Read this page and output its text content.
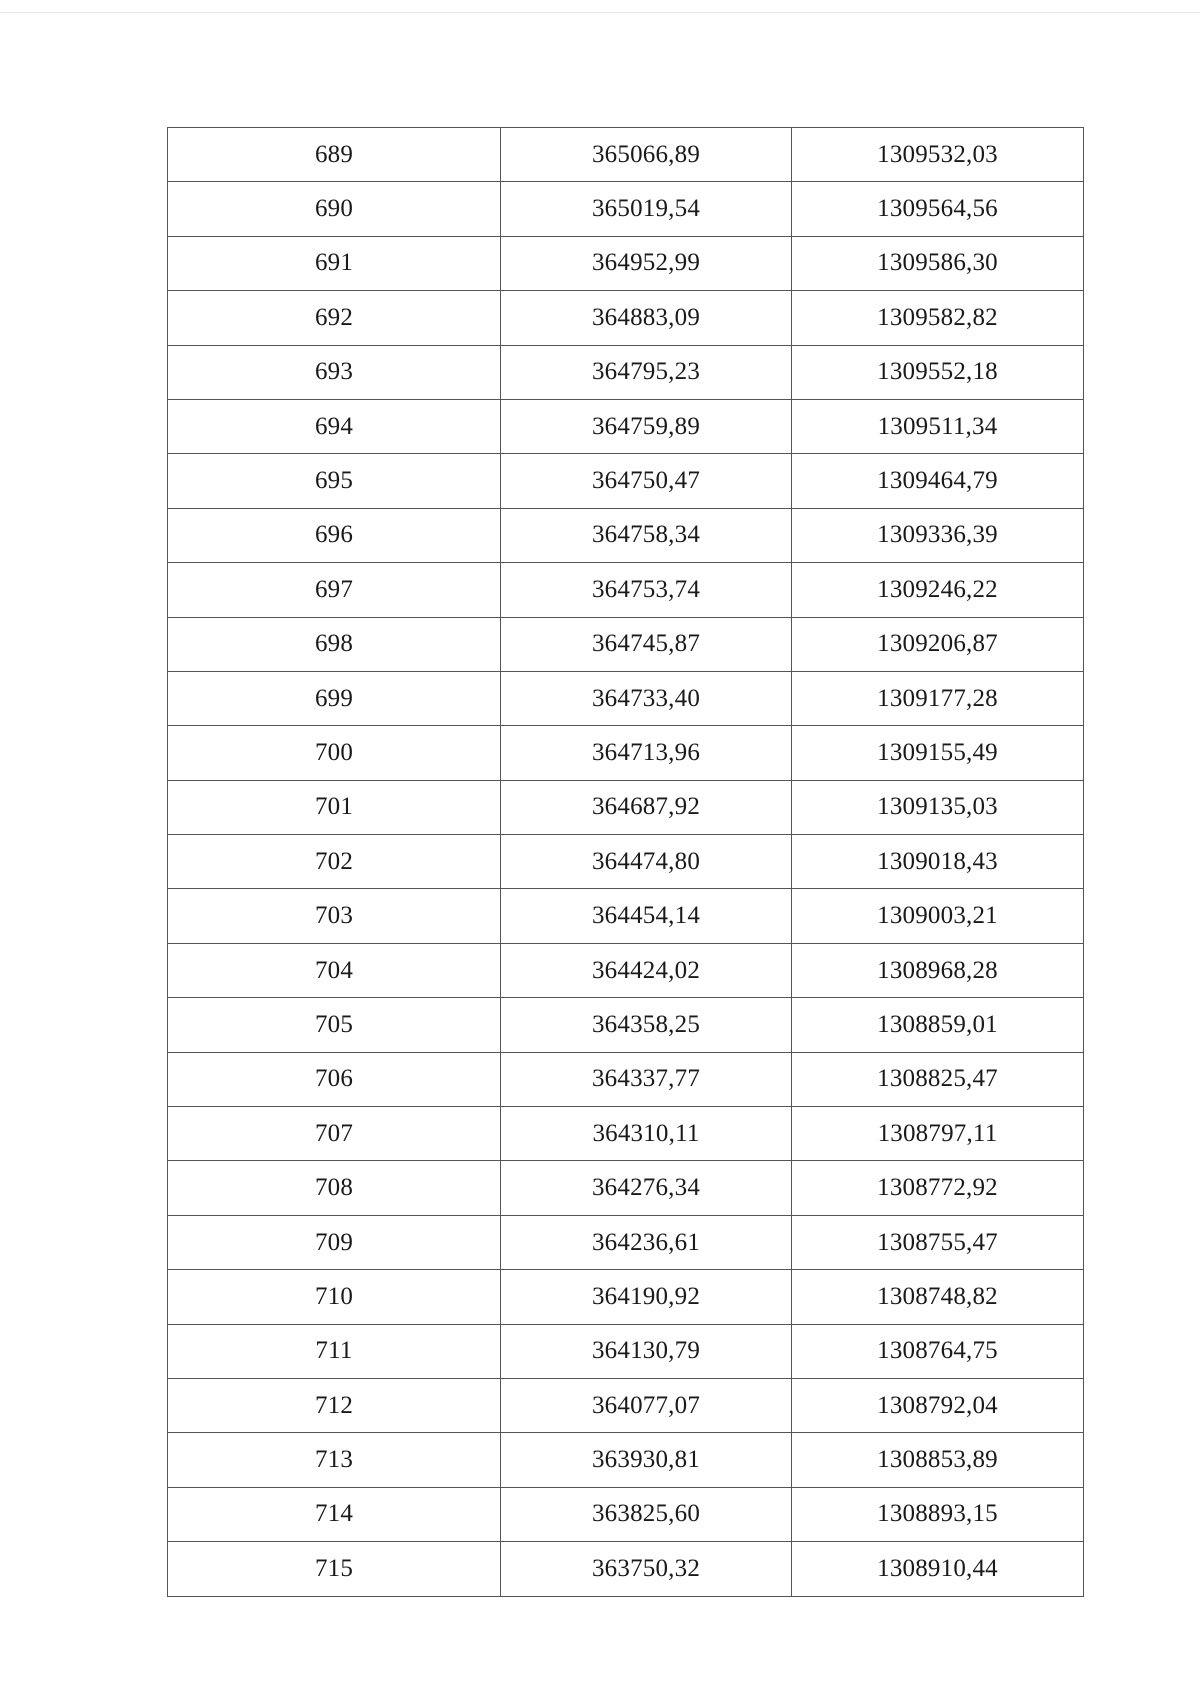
689	365066,89	1309532,03
690	365019,54	1309564,56
691	364952,99	1309586,30
692	364883,09	1309582,82
693	364795,23	1309552,18
694	364759,89	1309511,34
695	364750,47	1309464,79
696	364758,34	1309336,39
697	364753,74	1309246,22
698	364745,87	1309206,87
699	364733,40	1309177,28
700	364713,96	1309155,49
701	364687,92	1309135,03
702	364474,80	1309018,43
703	364454,14	1309003,21
704	364424,02	1308968,28
705	364358,25	1308859,01
706	364337,77	1308825,47
707	364310,11	1308797,11
708	364276,34	1308772,92
709	364236,61	1308755,47
710	364190,92	1308748,82
711	364130,79	1308764,75
712	364077,07	1308792,04
713	363930,81	1308853,89
714	363825,60	1308893,15
715	363750,32	1308910,44
